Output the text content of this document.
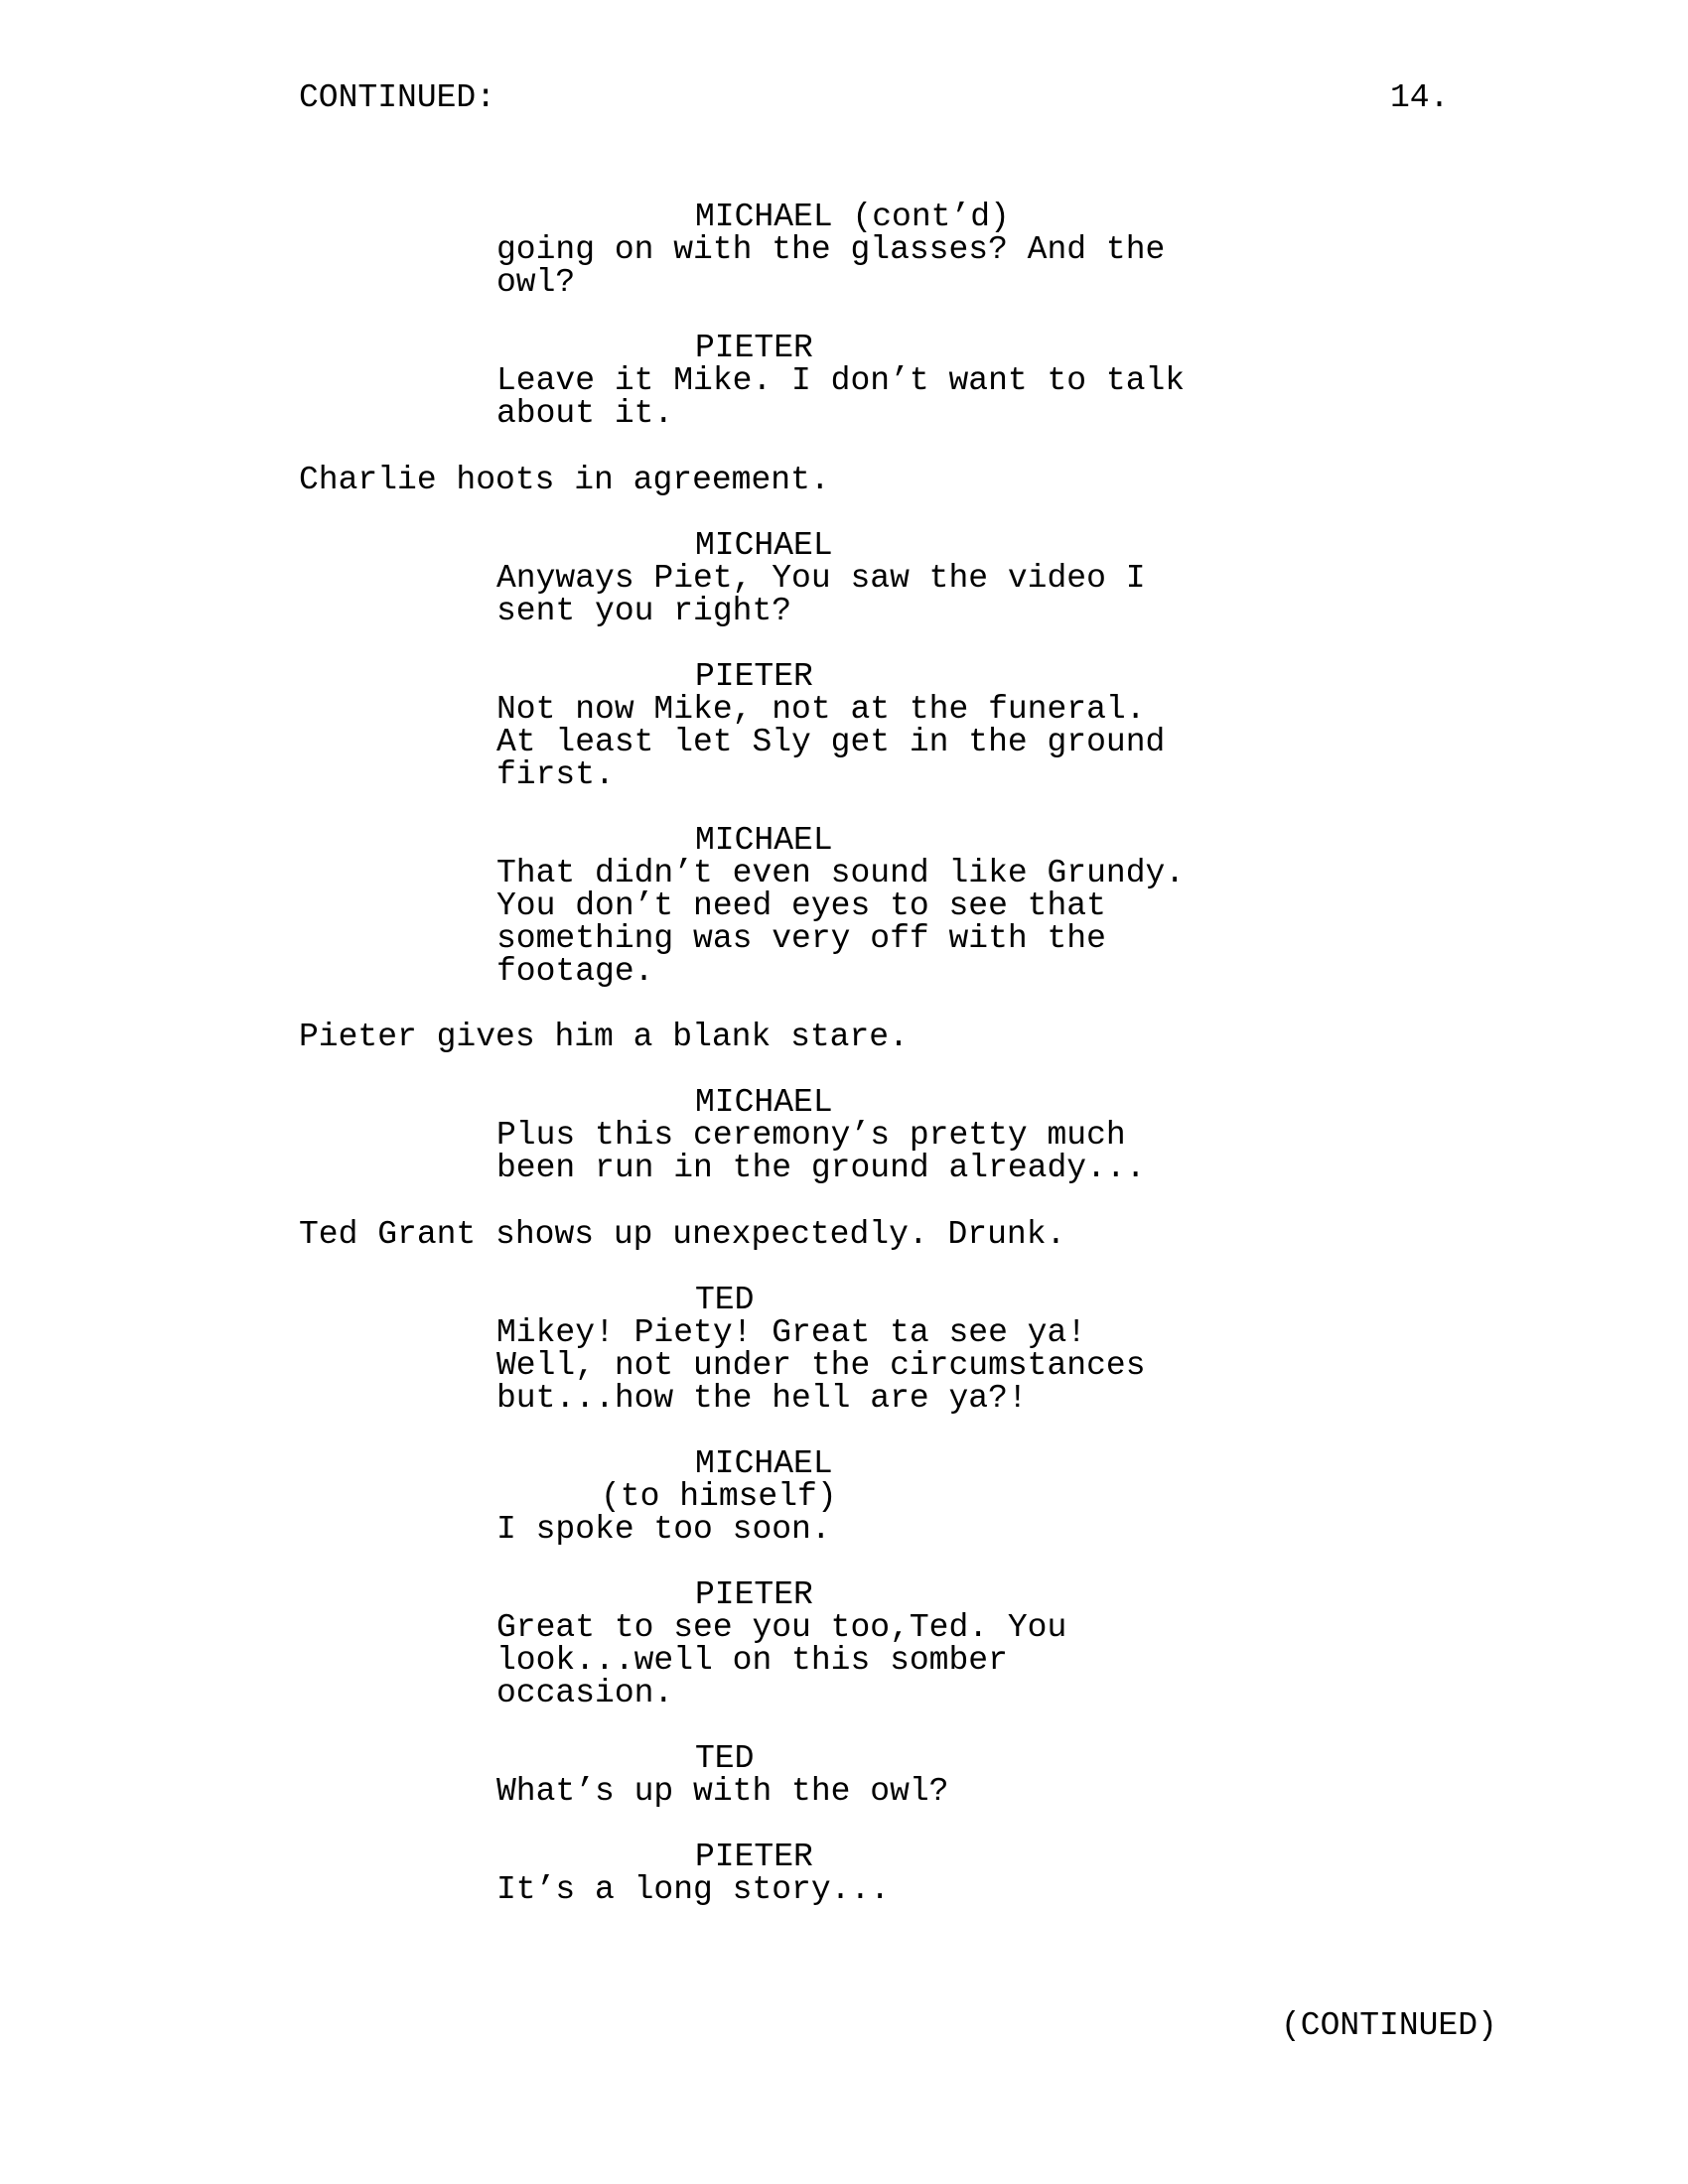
CONTINUED:	14.
MICHAEL (cont’d)
going on with the glasses? And the
owl?
PIETER
Leave it Mike. I don’t want to talk
about it.
Charlie hoots in agreement.
MICHAEL
Anyways Piet, You saw the video I
sent you right?
PIETER
Not now Mike, not at the funeral.
At least let Sly get in the ground
first.
MICHAEL
That didn’t even sound like Grundy.
You don’t need eyes to see that
something was very off with the
footage.
Pieter gives him a blank stare.
MICHAEL
Plus this ceremony’s pretty much
been run in the ground already...
Ted Grant shows up unexpectedly. Drunk.
TED
Mikey! Piety! Great ta see ya!
Well, not under the circumstances
but...how the hell are ya?!
MICHAEL
(to himself)
I spoke too soon.
PIETER
Great to see you too,Ted. You
look...well on this somber
occasion.
TED
What’s up with the owl?
PIETER
It’s a long story...
(CONTINUED)
